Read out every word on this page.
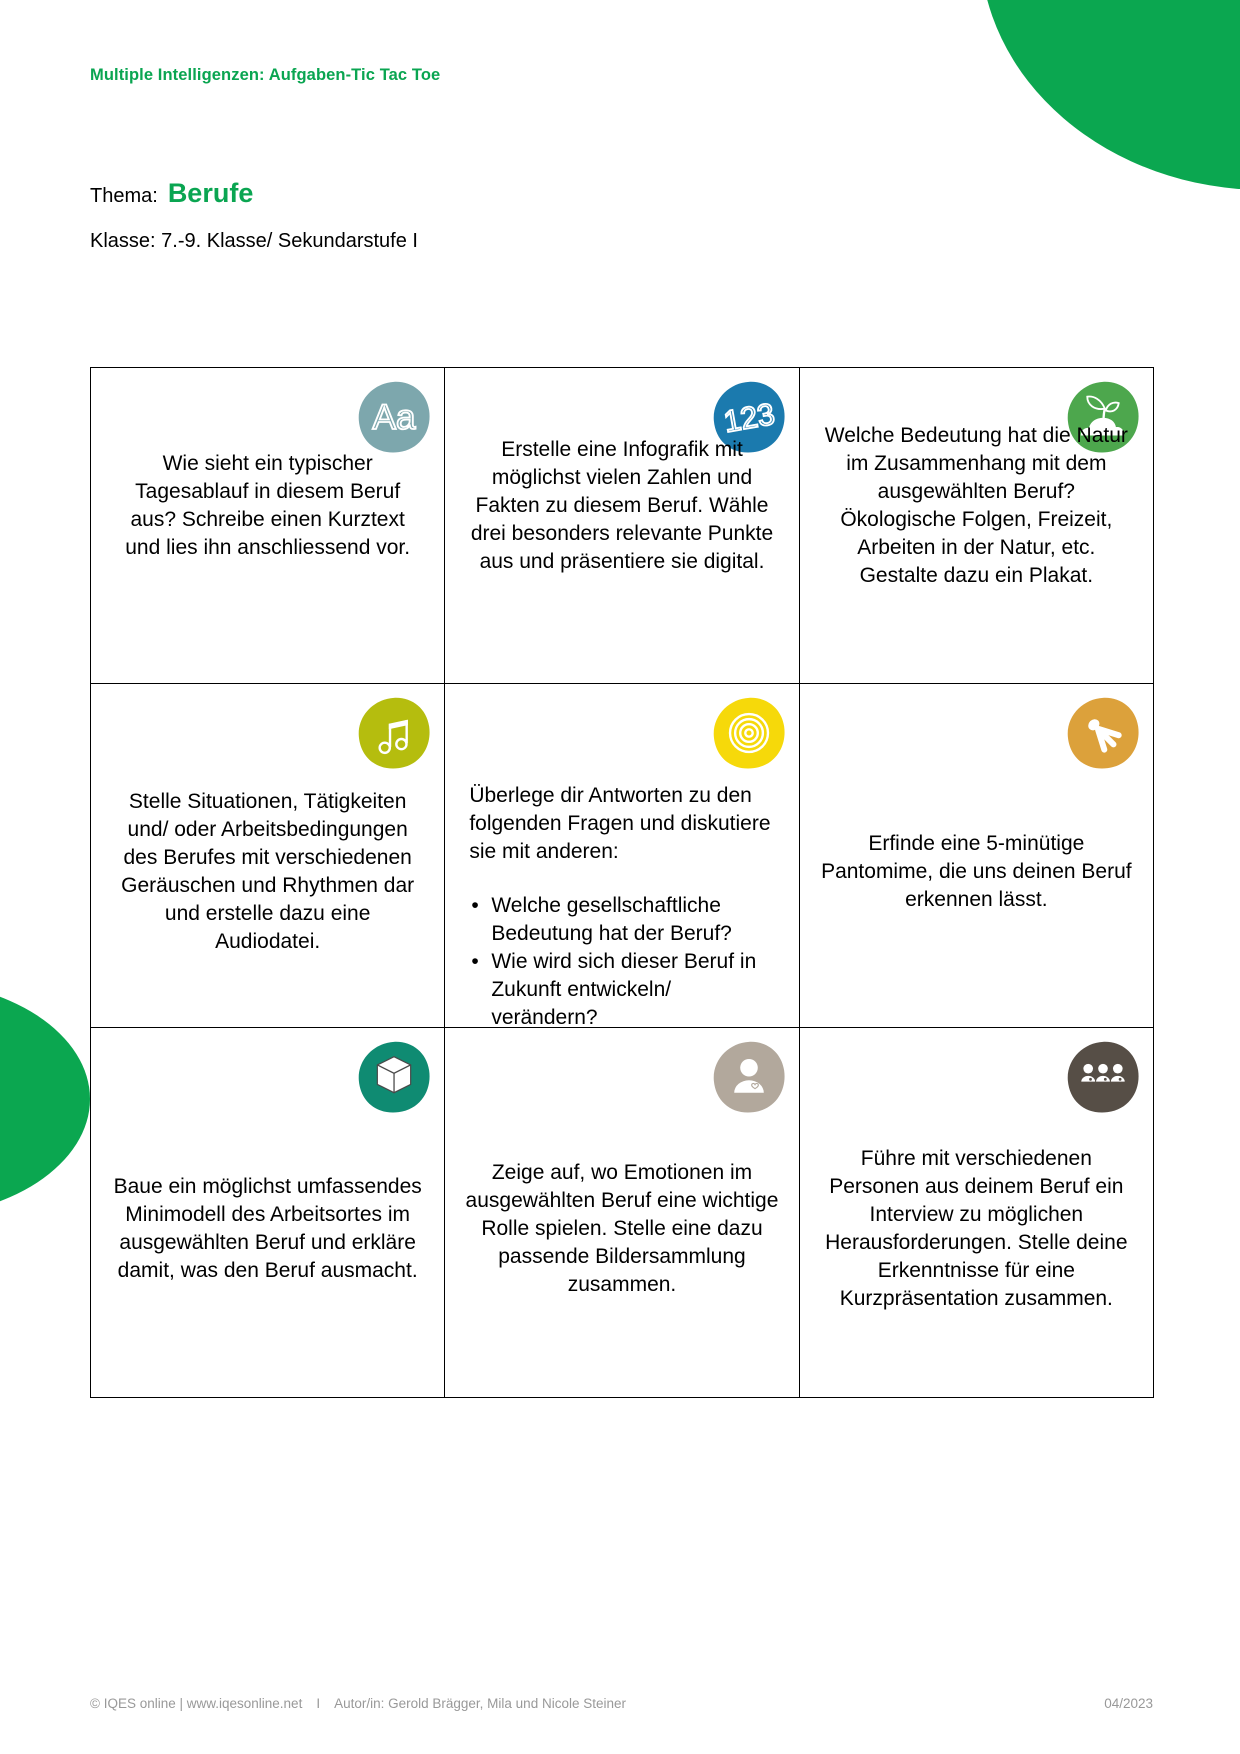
Multiple Intelligenzen: Aufgaben-Tic Tac Toe
Thema: Berufe
Klasse: 7.-9. Klasse/ Sekundarstufe I
Aa
Wie sieht ein typischer Tagesablauf in diesem Beruf aus? Schreibe einen Kurztext und lies ihn anschliessend vor.
123
Erstelle eine Infografik mit möglichst vielen Zahlen und Fakten zu diesem Beruf. Wähle drei besonders relevante Punkte aus und präsentiere sie digital.
Welche Bedeutung hat die Natur im Zusammenhang mit dem ausgewählten Beruf? Ökologische Folgen, Freizeit, Arbeiten in der Natur, etc. Gestalte dazu ein Plakat.
Stelle Situationen, Tätigkeiten und/ oder Arbeitsbedingungen des Berufes mit verschiedenen Geräuschen und Rhythmen dar und erstelle dazu eine Audiodatei.
Überlege dir Antworten zu den folgenden Fragen und diskutiere sie mit anderen:
• Welche gesellschaftliche Bedeutung hat der Beruf?
• Wie wird sich dieser Beruf in Zukunft entwickeln/ verändern?
Erfinde eine 5-minütige Pantomime, die uns deinen Beruf erkennen lässt.
Baue ein möglichst umfassendes Minimodell des Arbeitsortes im ausgewählten Beruf und erkläre damit, was den Beruf ausmacht.
Zeige auf, wo Emotionen im ausgewählten Beruf eine wichtige Rolle spielen. Stelle eine dazu passende Bildersammlung zusammen.
Führe mit verschiedenen Personen aus deinem Beruf ein Interview zu möglichen Herausforderungen. Stelle deine Erkenntnisse für eine Kurzpräsentation zusammen.
© IQES online | www.iqesonline.net I Autor/in: Gerold Brägger, Mila und Nicole Steiner	04/2023
